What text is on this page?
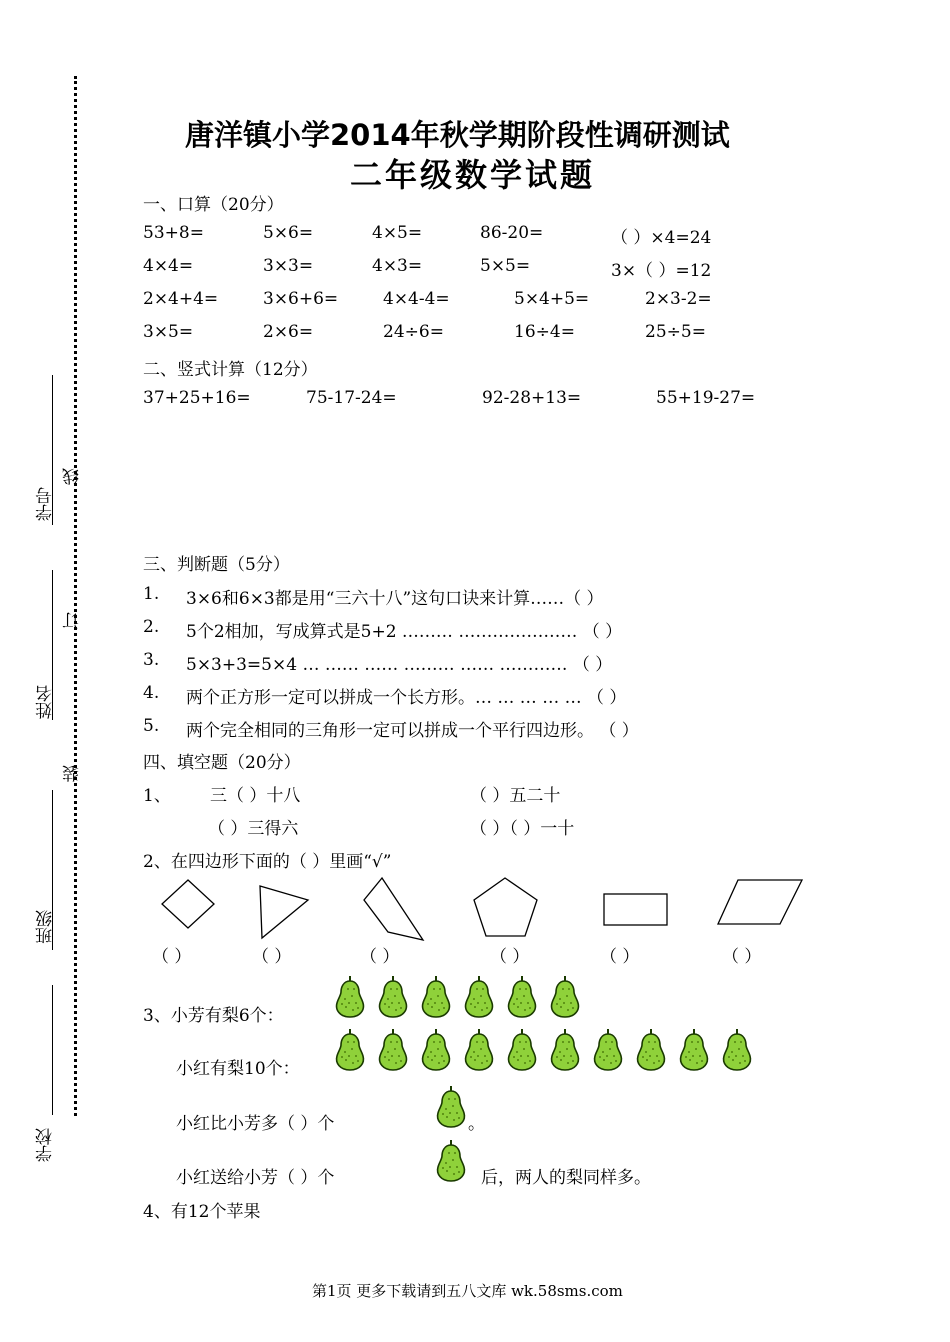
线
订
装
学号
姓名
班级
学校
唐洋镇小学2014年秋学期阶段性调研测试
二年级数学试题
一、口算（20分）
53+8=	5×6=	4×5=	86-20=	（ ）×4=24
4×4=	3×3=	4×3=	5×5=	3×（ ）=12
2×4+4=	3×6+6=	4×4-4=	5×4+5=	2×3-2=
3×5=	2×6=	24÷6=	16÷4=	25÷5=
二、竖式计算（12分）
37+25+16=	75-17-24=	92-28+13=	55+19-27=
三、判断题（5分）
1. 3×6和6×3都是用“三六十八”这句口诀来计算……（ ）
2. 5个2相加，写成算式是5+2 ……… ………………… （ ）
3. 5×3+3=5×4 … …… …… ……… …… ………… （ ）
4. 两个正方形一定可以拼成一个长方形。… … … … … （ ）
5. 两个完全相同的三角形一定可以拼成一个平行四边形。 （ ）
四、填空题（20分）
1、 三（ ）十八	（ ）五二十
（ ）三得六	（ ）（ ）一十
2、在四边形下面的（ ）里画“√”
（ ）	（ ）	（ ）	（ ）	（ ）	（ ）
3、小芳有梨6个：
小红有梨10个：
小红比小芳多（ ）个	。
小红送给小芳（ ）个	后，两人的梨同样多。
4、有12个苹果
第1页 更多下载请到五八文库 wk.58sms.com
